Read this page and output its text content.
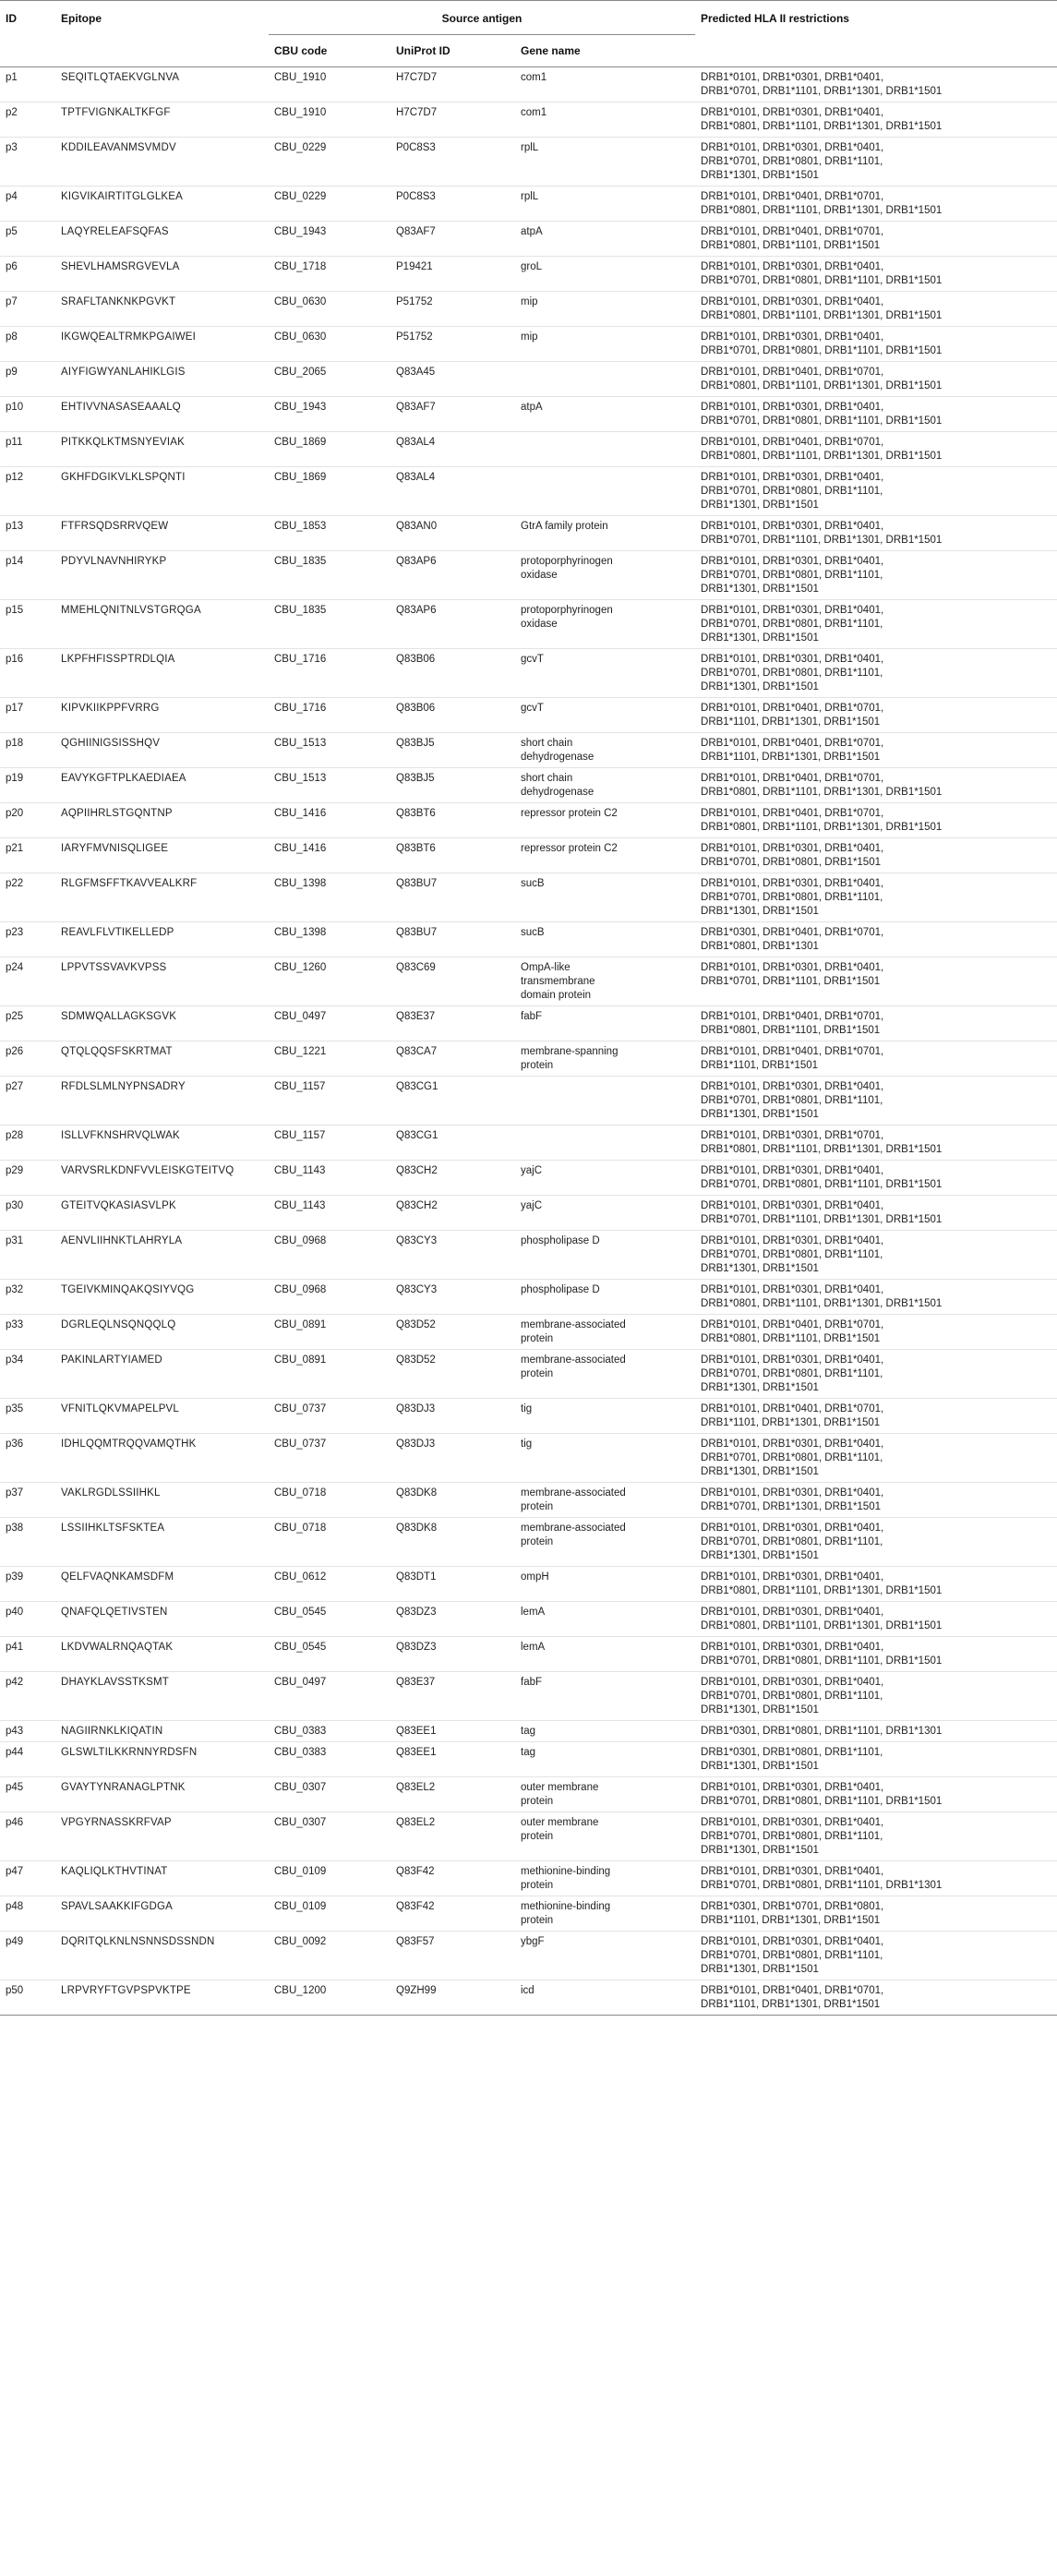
ID	Epitope	Source antigen			Predicted HLA II restrictions
		CBU code	UniProt ID	Gene name	
p1	SEQITLQTAEKVGLNVA	CBU_1910	H7C7D7	com1	DRB1*0101, DRB1*0301, DRB1*0401,
DRB1*0701, DRB1*1101, DRB1*1301, DRB1*1501
p2	TPTFVIGNKALTKFGF	CBU_1910	H7C7D7	com1	DRB1*0101, DRB1*0301, DRB1*0401,
DRB1*0801, DRB1*1101, DRB1*1301, DRB1*1501
p3	KDDILEAVANMSVMDV	CBU_0229	P0C8S3	rplL	DRB1*0101, DRB1*0301, DRB1*0401,
DRB1*0701, DRB1*0801, DRB1*1101,
DRB1*1301, DRB1*1501
p4	KIGVIKAIRTITGLGLKEA	CBU_0229	P0C8S3	rplL	DRB1*0101, DRB1*0401, DRB1*0701,
DRB1*0801, DRB1*1101, DRB1*1301, DRB1*1501
p5	LAQYRELEAFSQFAS	CBU_1943	Q83AF7	atpA	DRB1*0101, DRB1*0401, DRB1*0701,
DRB1*0801, DRB1*1101, DRB1*1501
p6	SHEVLHAMSRGVEVLA	CBU_1718	P19421	groL	DRB1*0101, DRB1*0301, DRB1*0401,
DRB1*0701, DRB1*0801, DRB1*1101, DRB1*1501
p7	SRAFLTANKNKPGVKT	CBU_0630	P51752	mip	DRB1*0101, DRB1*0301, DRB1*0401,
DRB1*0801, DRB1*1101, DRB1*1301, DRB1*1501
p8	IKGWQEALTRMKPGAIWEI	CBU_0630	P51752	mip	DRB1*0101, DRB1*0301, DRB1*0401,
DRB1*0701, DRB1*0801, DRB1*1101, DRB1*1501
p9	AIYFIGWYANLAHIKLGIS	CBU_2065	Q83A45		DRB1*0101, DRB1*0401, DRB1*0701,
DRB1*0801, DRB1*1101, DRB1*1301, DRB1*1501
p10	EHTIVVNASASEAAALQ	CBU_1943	Q83AF7	atpA	DRB1*0101, DRB1*0301, DRB1*0401,
DRB1*0701, DRB1*0801, DRB1*1101, DRB1*1501
p11	PITKKQLKTMSNYEVIAK	CBU_1869	Q83AL4		DRB1*0101, DRB1*0401, DRB1*0701,
DRB1*0801, DRB1*1101, DRB1*1301, DRB1*1501
p12	GKHFDGIKVLKLSPQNTI	CBU_1869	Q83AL4		DRB1*0101, DRB1*0301, DRB1*0401,
DRB1*0701, DRB1*0801, DRB1*1101,
DRB1*1301, DRB1*1501
p13	FTFRSQDSRRVQEW	CBU_1853	Q83AN0	GtrA family protein	DRB1*0101, DRB1*0301, DRB1*0401,
DRB1*0701, DRB1*1101, DRB1*1301, DRB1*1501
p14	PDYVLNAVNHIRYKP	CBU_1835	Q83AP6	protoporphyrinogen
oxidase	DRB1*0101, DRB1*0301, DRB1*0401,
DRB1*0701, DRB1*0801, DRB1*1101,
DRB1*1301, DRB1*1501
p15	MMEHLQNITNLVSTGRQGA	CBU_1835	Q83AP6	protoporphyrinogen
oxidase	DRB1*0101, DRB1*0301, DRB1*0401,
DRB1*0701, DRB1*0801, DRB1*1101,
DRB1*1301, DRB1*1501
p16	LKPFHFISSPTRDLQIA	CBU_1716	Q83B06	gcvT	DRB1*0101, DRB1*0301, DRB1*0401,
DRB1*0701, DRB1*0801, DRB1*1101,
DRB1*1301, DRB1*1501
p17	KIPVKIIKPPFVRRG	CBU_1716	Q83B06	gcvT	DRB1*0101, DRB1*0401, DRB1*0701,
DRB1*1101, DRB1*1301, DRB1*1501
p18	QGHIINIGSISSHQV	CBU_1513	Q83BJ5	short chain
dehydrogenase	DRB1*0101, DRB1*0401, DRB1*0701,
DRB1*1101, DRB1*1301, DRB1*1501
p19	EAVYKGFTPLKAEDIAEA	CBU_1513	Q83BJ5	short chain
dehydrogenase	DRB1*0101, DRB1*0401, DRB1*0701,
DRB1*0801, DRB1*1101, DRB1*1301, DRB1*1501
p20	AQPIIHRLSTGQNTNP	CBU_1416	Q83BT6	repressor protein C2	DRB1*0101, DRB1*0401, DRB1*0701,
DRB1*0801, DRB1*1101, DRB1*1301, DRB1*1501
p21	IARYFMVNISQLIGEE	CBU_1416	Q83BT6	repressor protein C2	DRB1*0101, DRB1*0301, DRB1*0401,
DRB1*0701, DRB1*0801, DRB1*1501
p22	RLGFMSFFTKAVVEALKRF	CBU_1398	Q83BU7	sucB	DRB1*0101, DRB1*0301, DRB1*0401,
DRB1*0701, DRB1*0801, DRB1*1101,
DRB1*1301, DRB1*1501
p23	REAVLFLVTIKELLEDP	CBU_1398	Q83BU7	sucB	DRB1*0301, DRB1*0401, DRB1*0701,
DRB1*0801, DRB1*1301
p24	LPPVTSSVAVKVPSS	CBU_1260	Q83C69	OmpA-like
transmembrane
domain protein	DRB1*0101, DRB1*0301, DRB1*0401,
DRB1*0701, DRB1*1101, DRB1*1501
p25	SDMWQALLAGKSGVK	CBU_0497	Q83E37	fabF	DRB1*0101, DRB1*0401, DRB1*0701,
DRB1*0801, DRB1*1101, DRB1*1501
p26	QTQLQQSFSKRTMAT	CBU_1221	Q83CA7	membrane-spanning
protein	DRB1*0101, DRB1*0401, DRB1*0701,
DRB1*1101, DRB1*1501
p27	RFDLSLMLNYPNSADRY	CBU_1157	Q83CG1		DRB1*0101, DRB1*0301, DRB1*0401,
DRB1*0701, DRB1*0801, DRB1*1101,
DRB1*1301, DRB1*1501
p28	ISLLVFKNSHRVQLWAK	CBU_1157	Q83CG1		DRB1*0101, DRB1*0301, DRB1*0701,
DRB1*0801, DRB1*1101, DRB1*1301, DRB1*1501
p29	VARVSRLKDNFVVLEISKGTEITVQ	CBU_1143	Q83CH2	yajC	DRB1*0101, DRB1*0301, DRB1*0401,
DRB1*0701, DRB1*0801, DRB1*1101, DRB1*1501
p30	GTEITVQKASIASVLPK	CBU_1143	Q83CH2	yajC	DRB1*0101, DRB1*0301, DRB1*0401,
DRB1*0701, DRB1*1101, DRB1*1301, DRB1*1501
p31	AENVLIIHNKTLAHRYLA	CBU_0968	Q83CY3	phospholipase D	DRB1*0101, DRB1*0301, DRB1*0401,
DRB1*0701, DRB1*0801, DRB1*1101,
DRB1*1301, DRB1*1501
p32	TGEIVKMINQAKQSIYVQG	CBU_0968	Q83CY3	phospholipase D	DRB1*0101, DRB1*0301, DRB1*0401,
DRB1*0801, DRB1*1101, DRB1*1301, DRB1*1501
p33	DGRLEQLNSQNQQLQ	CBU_0891	Q83D52	membrane-associated
protein	DRB1*0101, DRB1*0401, DRB1*0701,
DRB1*0801, DRB1*1101, DRB1*1501
p34	PAKINLARTYIAMED	CBU_0891	Q83D52	membrane-associated
protein	DRB1*0101, DRB1*0301, DRB1*0401,
DRB1*0701, DRB1*0801, DRB1*1101,
DRB1*1301, DRB1*1501
p35	VFNITLQKVMAPELPVL	CBU_0737	Q83DJ3	tig	DRB1*0101, DRB1*0401, DRB1*0701,
DRB1*1101, DRB1*1301, DRB1*1501
p36	IDHLQQMTRQQVAMQTHK	CBU_0737	Q83DJ3	tig	DRB1*0101, DRB1*0301, DRB1*0401,
DRB1*0701, DRB1*0801, DRB1*1101,
DRB1*1301, DRB1*1501
p37	VAKLRGDLSSIIHKL	CBU_0718	Q83DK8	membrane-associated
protein	DRB1*0101, DRB1*0301, DRB1*0401,
DRB1*0701, DRB1*1301, DRB1*1501
p38	LSSIIHKLTSFSKTEA	CBU_0718	Q83DK8	membrane-associated
protein	DRB1*0101, DRB1*0301, DRB1*0401,
DRB1*0701, DRB1*0801, DRB1*1101,
DRB1*1301, DRB1*1501
p39	QELFVAQNKAMSDFM	CBU_0612	Q83DT1	ompH	DRB1*0101, DRB1*0301, DRB1*0401,
DRB1*0801, DRB1*1101, DRB1*1301, DRB1*1501
p40	QNAFQLQETIVSTEN	CBU_0545	Q83DZ3	lemA	DRB1*0101, DRB1*0301, DRB1*0401,
DRB1*0801, DRB1*1101, DRB1*1301, DRB1*1501
p41	LKDVWALRNQAQTAK	CBU_0545	Q83DZ3	lemA	DRB1*0101, DRB1*0301, DRB1*0401,
DRB1*0701, DRB1*0801, DRB1*1101, DRB1*1501
p42	DHAYKLAVSSTKSMT	CBU_0497	Q83E37	fabF	DRB1*0101, DRB1*0301, DRB1*0401,
DRB1*0701, DRB1*0801, DRB1*1101,
DRB1*1301, DRB1*1501
p43	NAGIIRNKLKIQATIN	CBU_0383	Q83EE1	tag	DRB1*0301, DRB1*0801, DRB1*1101, DRB1*1301
p44	GLSWLTILKKRNNYRDSFN	CBU_0383	Q83EE1	tag	DRB1*0301, DRB1*0801, DRB1*1101,
DRB1*1301, DRB1*1501
p45	GVAYTYNRANAGLPTNK	CBU_0307	Q83EL2	outer membrane
protein	DRB1*0101, DRB1*0301, DRB1*0401,
DRB1*0701, DRB1*0801, DRB1*1101, DRB1*1501
p46	VPGYRNASSKRFVAP	CBU_0307	Q83EL2	outer membrane
protein	DRB1*0101, DRB1*0301, DRB1*0401,
DRB1*0701, DRB1*0801, DRB1*1101,
DRB1*1301, DRB1*1501
p47	KAQLIQLKTHVTINAT	CBU_0109	Q83F42	methionine-binding
protein	DRB1*0101, DRB1*0301, DRB1*0401,
DRB1*0701, DRB1*0801, DRB1*1101, DRB1*1301
p48	SPAVLSAAKKIFGDGA	CBU_0109	Q83F42	methionine-binding
protein	DRB1*0301, DRB1*0701, DRB1*0801,
DRB1*1101, DRB1*1301, DRB1*1501
p49	DQRITQLKNLNSNNSDSSNDN	CBU_0092	Q83F57	ybgF	DRB1*0101, DRB1*0301, DRB1*0401,
DRB1*0701, DRB1*0801, DRB1*1101,
DRB1*1301, DRB1*1501
p50	LRPVRYFTGVPSPVKTPE	CBU_1200	Q9ZH99	icd	DRB1*0101, DRB1*0401, DRB1*0701,
DRB1*1101, DRB1*1301, DRB1*1501
